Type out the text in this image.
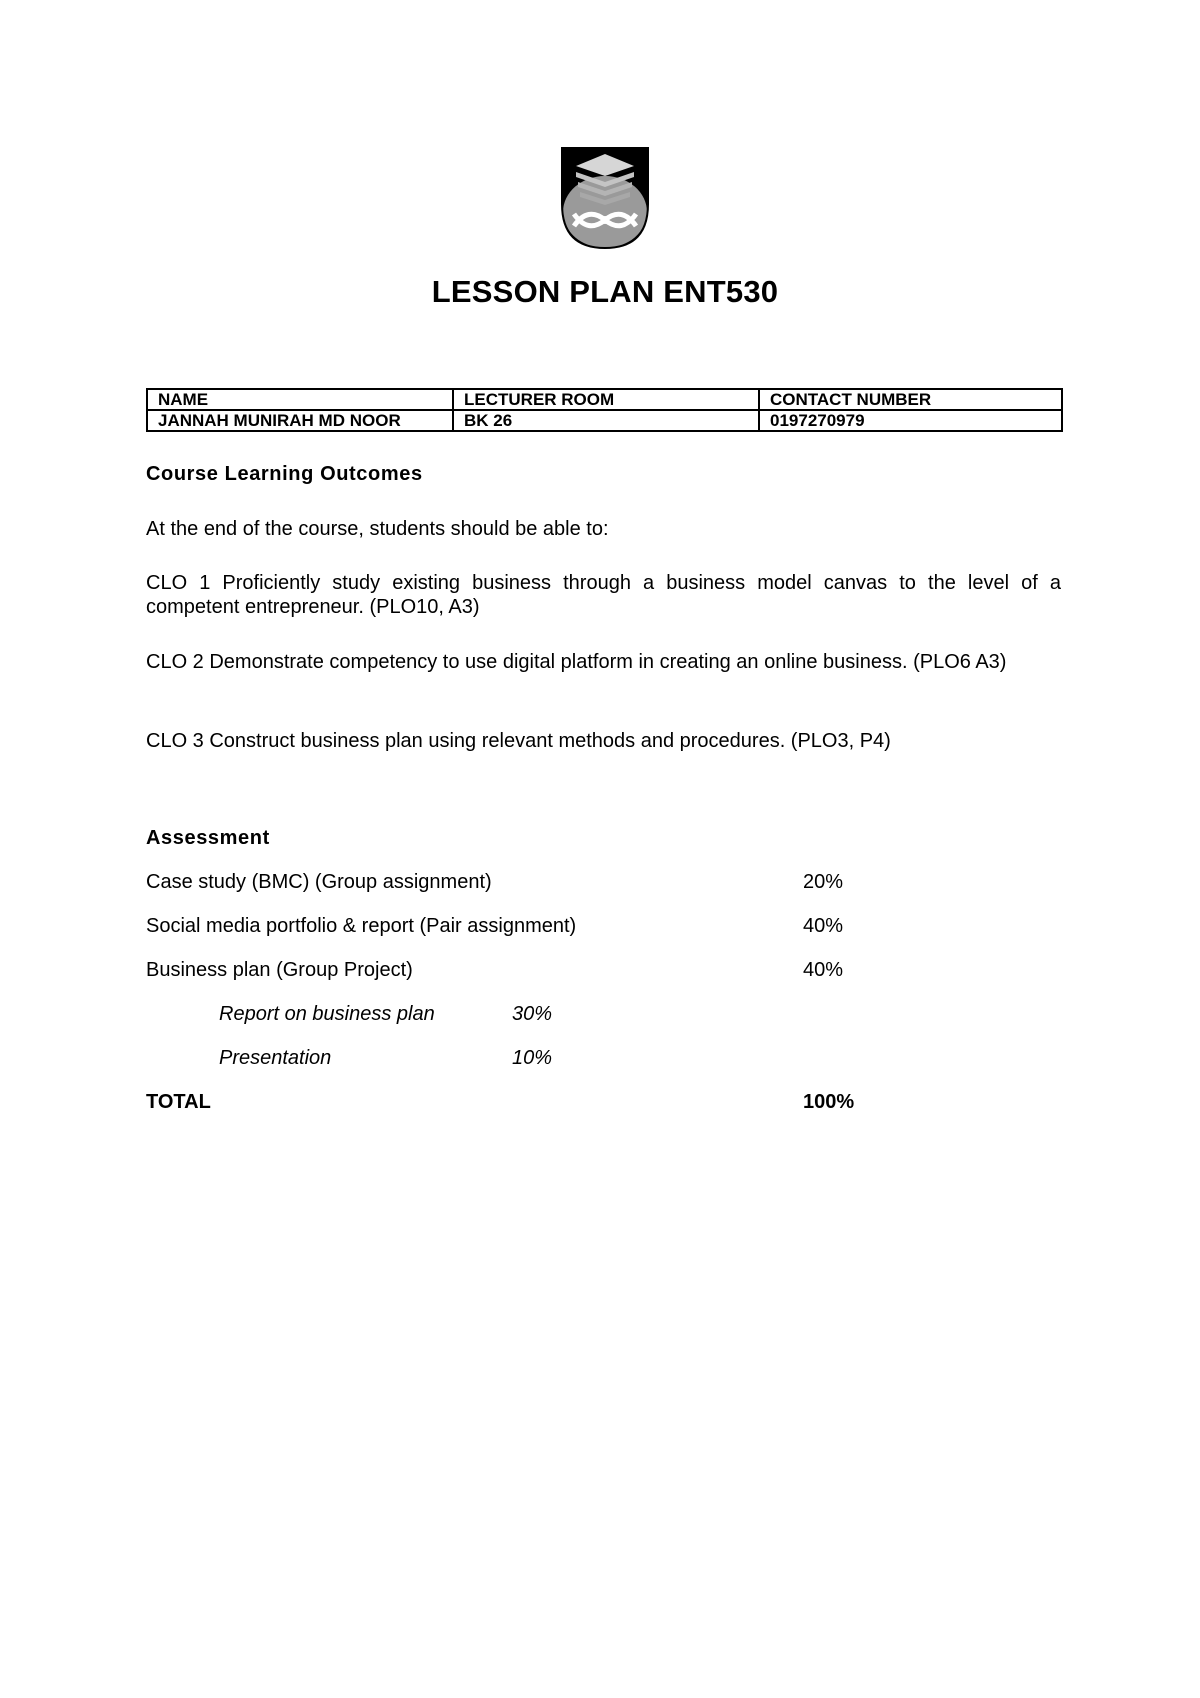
LESSON PLAN ENT530
NAME	LECTURER ROOM	CONTACT NUMBER
JANNAH MUNIRAH MD NOOR	BK 26	0197270979
Course Learning Outcomes
At the end of the course, students should be able to:
CLO 1 Proficiently study existing business through a business model canvas to the level of a competent entrepreneur. (PLO10, A3)
CLO 2 Demonstrate competency to use digital platform in creating an online business. (PLO6 A3)
CLO 3 Construct business plan using relevant methods and procedures. (PLO3, P4)
Assessment
Case study (BMC) (Group assignment)	20%
Social media portfolio & report (Pair assignment)	40%
Business plan (Group Project)	40%
Report on business plan	30%
Presentation	10%
TOTAL	100%
